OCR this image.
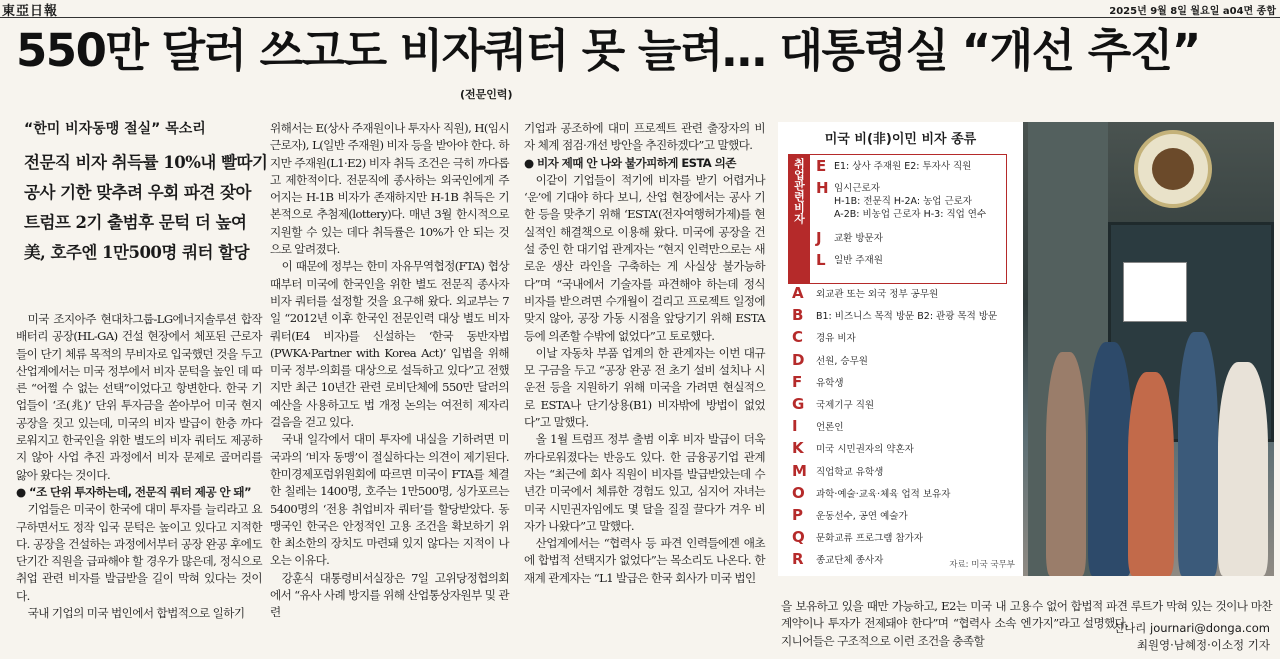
東亞日報	2025년 9월 8일 월요일 a04면 종합
550만 달러 쓰고도 비자쿼터 못 늘려… 대통령실 “개선 추진”
(전문인력)
“한미 비자동맹 절실” 목소리
전문직 비자 취득률 10%내 빨따기
공사 기한 맞추려 우회 파견 잦아
트럼프 2기 출범후 문턱 더 높여
美, 호주엔 1만500명 쿼터 할당

미국 조지아주 현대차그룹-LG에너지솔루션 합작 배터리 공장(HL-GA) 건설 현장에서 체포된 근로자들이 단기 체류 목적의 무비자로 입국했던 것을 두고 산업계에서는 미국 정부에서 비자 문턱을 높인 데 따른 “어쩔 수 없는 선택”이었다고 항변한다. 한국 기업들이 ‘조(兆)’ 단위 투자금을 쏟아부어 미국 현지 공장을 짓고 있는데, 미국의 비자 발급이 한층 까다로워지고 한국인을 위한 별도의 비자 쿼터도 제공하지 않아 사업 추진 과정에서 비자 문제로 골머리를 앓아 왔다는 것이다.

● “조 단위 투자하는데, 전문직 쿼터 제공 안 돼”

기업들은 미국이 한국에 대미 투자를 늘리라고 요구하면서도 정작 입국 문턱은 높이고 있다고 지적한다. 공장을 건설하는 과정에서부터 공장 완공 후에도 단기간 직원을 급파해야 할 경우가 많은데, 정식으로 취업 관련 비자를 발급받을 길이 막혀 있다는 것이다.

국내 기업의 미국 법인에서 합법적으로 일하기

위해서는 E(상사 주재원이나 투자사 직원), H(임시 근로자), L(일반 주재원) 비자 등을 받아야 한다. 하지만 주재원(L1·E2) 비자 취득 조건은 극히 까다롭고 제한적이다. 전문직에 종사하는 외국인에게 주어지는 H-1B 비자가 존재하지만 H-1B 취득은 기본적으로 추첨제(lottery)다. 매년 3월 한시적으로 지원할 수 있는 데다 취득률은 10%가 안 되는 것으로 알려졌다.

이 때문에 정부는 한미 자유무역협정(FTA) 협상 때부터 미국에 한국인을 위한 별도 전문직 종사자 비자 쿼터를 설정할 것을 요구해 왔다. 외교부는 7일 “2012년 이후 한국인 전문인력 대상 별도 비자 쿼터(E4 비자)를 신설하는 ‘한국 동반자법(PWKA·Partner with Korea Act)’ 입법을 위해 미국 정부·의회를 대상으로 설득하고 있다”고 전했지만 최근 10년간 관련 로비단체에 550만 달러의 예산을 사용하고도 법 개정 논의는 여전히 제자리걸음을 걷고 있다.

국내 일각에서 대미 투자에 내실을 기하려면 미국과의 ‘비자 동맹’이 절실하다는 의견이 제기된다. 한미경제포럼위원회에 따르면 미국이 FTA를 체결한 칠레는 1400명, 호주는 1만500명, 싱가포르는 5400명의 ‘전용 취업비자 쿼터’를 할당받았다. 동맹국인 한국은 안정적인 고용 조건을 확보하기 위한 최소한의 장치도 마련돼 있지 않다는 지적이 나오는 이유다.

강훈식 대통령비서실장은 7일 고위당정협의회에서 “유사 사례 방지를 위해 산업통상자원부 및 관련

기업과 공조하에 대미 프로젝트 관련 출장자의 비자 체계 점검·개선 방안을 추진하겠다”고 말했다.

● 비자 제때 안 나와 불가피하게 ESTA 의존

이같이 기업들이 적기에 비자를 받기 어렵거나 ‘운’에 기대야 하다 보니, 산업 현장에서는 공사 기한 등을 맞추기 위해 ‘ESTA’(전자여행허가제)를 현실적인 해결책으로 이용해 왔다. 미국에 공장을 건설 중인 한 대기업 관계자는 “현지 인력만으로는 새로운 생산 라인을 구축하는 게 사실상 불가능하다”며 “국내에서 기술자를 파견해야 하는데 정식 비자를 받으려면 수개월이 걸리고 프로젝트 일정에 맞지 않아, 공장 가동 시점을 앞당기기 위해 ESTA 등에 의존할 수밖에 없었다”고 토로했다.

이날 자동차 부품 업계의 한 관계자는 이번 대규모 구금을 두고 “공장 완공 전 초기 설비 설치나 시운전 등을 지원하기 위해 미국을 가려면 현실적으로 ESTA나 단기상용(B1) 비자밖에 방법이 없었다”고 말했다.

올 1월 트럼프 정부 출범 이후 비자 발급이 더욱 까다로워졌다는 반응도 있다. 한 금융공기업 관계자는 “최근에 회사 직원이 비자를 발급받았는데 수년간 미국에서 체류한 경험도 있고, 심지어 자녀는 미국 시민권자임에도 몇 달을 질질 끌다가 겨우 비자가 나왔다”고 말했다.

산업계에서는 “협력사 등 파견 인력들에겐 애초에 합법적 선택지가 없었다”는 목소리도 나온다. 한 재계 관계자는 “L1 발급은 한국 회사가 미국 법인

미국 비(非)이민 비자 종류
취업관련비자 E E1: 상사 주재원 E2: 투자사 직원
H 임시근로자
H-1B: 전문직 H-2A: 농업 근로자
A-2B: 비농업 근로자 H-3: 직업 연수
J	교환 방문자
L 일반 주재원
A	외교관 또는 외국 정부 공무원
B	B1: 비즈니스 목적 방문 B2: 관광 목적 방문
C	경유 비자
D	선원, 승무원
F	유학생
G	국제기구 직원
I	언론인
K	미국 시민권자의 약혼자
M 직업학교 유학생
O	과학·예술·교육·체육 업적 보유자
P	운동선수, 공연 예술가
Q	문화교류 프로그램 참가자
R	종교단체 종사자	자료: 미국 국무부

을 보유하고 있을 때만 가능하고, E2는 미국 내 고용 계약이나 투자가 전제돼야 한다”며 “협력사 소속 엔지니어들은 구조적으로 이런 조건을 충족할

수 없어 합법적 파견 루트가 막혀 있는 것이나 마찬가지”라고 설명했다.

신나리 journari@donga.com
최원영·남혜정·이소정 기자
